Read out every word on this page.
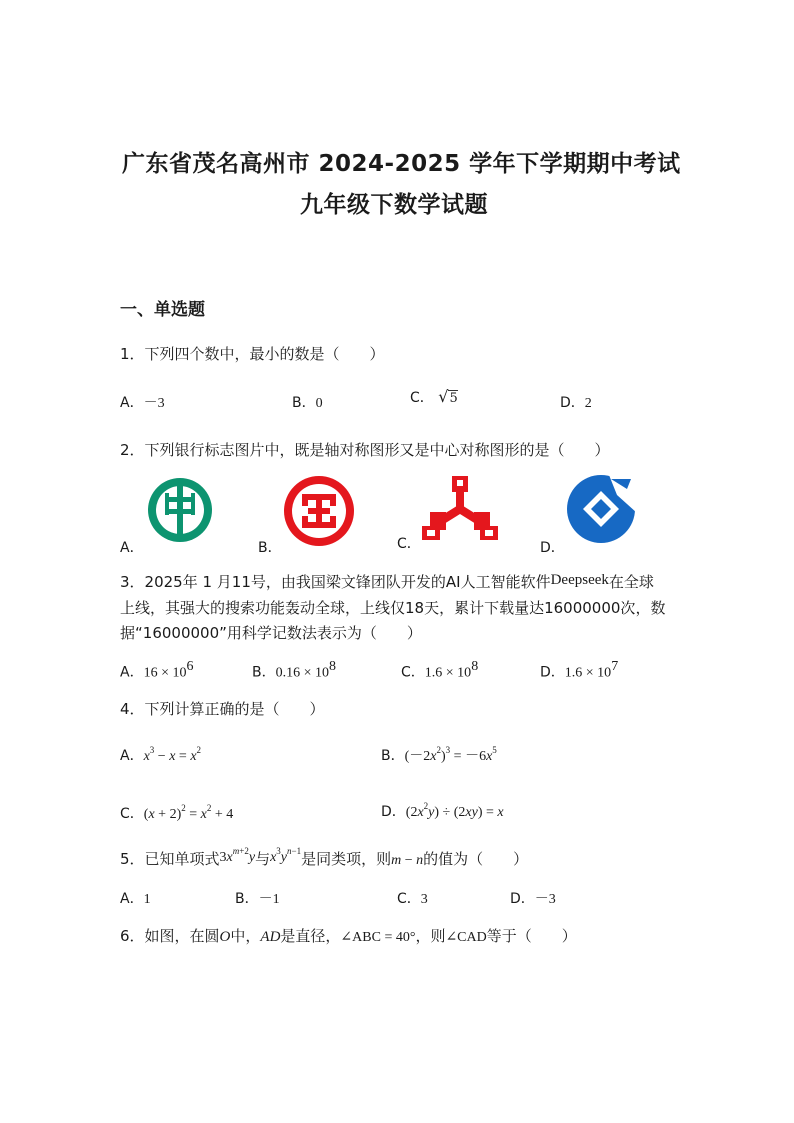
广东省茂名高州市 2024-2025 学年下学期期中考试
九年级下数学试题
一、单选题
1．下列四个数中，最小的数是（　　）
A．－3	B．0	C． √5	D．2
2．下列银行标志图片中，既是轴对称图形又是中心对称图形的是（　　）
A．	B．	C．	D．
3．2025年 1 月11号，由我国梁文锋团队开发的AI人工智能软件Deepseek在全球
上线，其强大的搜索功能轰动全球，上线仅18天，累计下载量达16000000次，数
据“16000000”用科学记数法表示为（　　）
A．$16 \times 10^6$	B．$0.16 \times 10^8$	C．$1.6 \times 10^8$	D．$1.6 \times 10^7$
4．下列计算正确的是（　　）
A．$x^3 - x = x^2$	B．$(-2x^2)^3 = -6x^5$
C．$(x + 2)^2 = x^2 + 4$	D．$(2x^2y) \div (2xy) = x$
5．已知单项式$3x^{m+2}y$与$x^3y^{n-1}$是同类项，则m − n的值为（　　）
A．1	B．－1	C．3	D．－3
6．如图，在圆O中，AD是直径，∠ABC = 40°，则∠CAD等于（　　）
